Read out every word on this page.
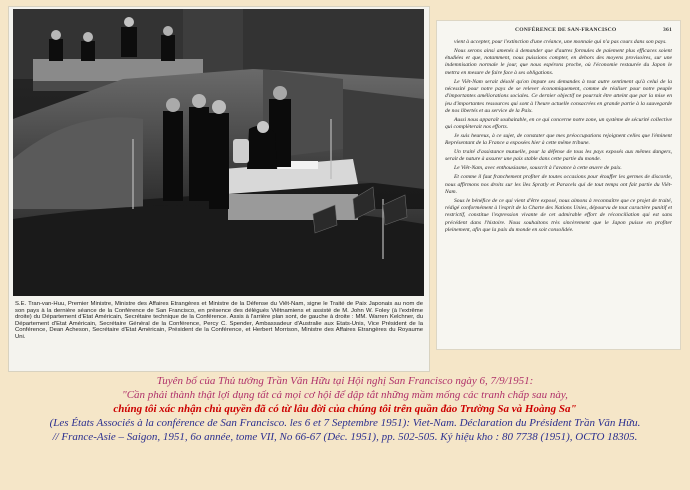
S.E. Tran-van-Huu, Premier Ministre, Ministre des Affaires Etrangères et Ministre de la Défense du Viêt-Nam, signe le Traité de Paix Japonais au nom de son pays à la dernière séance de la Conférence de San Francisco, en présence des délégués Viêtnamiens et assisté de M. John W. Foley (à l'extrême droite) du Département d'Etat Américain, Secrétaire technique de la Conférence. Assis à l'arrière plan sont, de gauche à droite : MM. Warren Kelchner, du Département d'Etat Américain, Secrétaire Général de la Conférence, Percy C. Spender, Ambassadeur d'Australie aux Etats-Unis, Vice Président de la Conférence, Dean Acheson, Secrétaire d'Etat Américain, Président de la Conférence, et Herbert Morrison, Ministre des Affaires Etrangères du Royaume Uni.
CONFÉRENCE DE SAN-FRANCISCO	361

vient à accepter, pour l'extinction d'une créance, une monnaie qui n'a pas cours dans son pays.

Nous serons ainsi amenés à demander que d'autres formules de paiement plus efficaces soient étudiées et que, notamment, nous puissions compter, en dehors des moyens provisoires, sur une indemnisation normale le jour, que nous espérons proche, où l'économie restaurée du Japon le mettra en mesure de faire face à ses obligations.

Le Viêt-Nam serait désolé qu'on impute ses demandes à tout autre sentiment qu'à celui de la nécessité pour notre pays de se relever économiquement, comme de réaliser pour notre peuple d'importantes améliorations sociales. Ce dernier objectif ne pourrait être atteint que par la mise en jeu d'importantes ressources qui sont à l'heure actuelle consacrées en grande partie à la sauvegarde de nos libertés et au service de la Paix.

Aussi nous apparaît souhaitable, en ce qui concerne notre zone, un système de sécurité collective qui complèterait nos efforts.

Je suis heureux, à ce sujet, de constater que mes préoccupations rejoignent celles que l'éminent Représentant de la France a exposées hier à cette même tribune.

Un traité d'assistance mutuelle, pour la défense de tous les pays exposés aux mêmes dangers, serait de nature à assurer une paix stable dans cette partie du monde.

Le Viêt-Nam, avec enthousiasme, souscrit à l'avance à cette œuvre de paix.

Et comme il faut franchement profiter de toutes occasions pour étouffer les germes de discorde, nous affirmons nos droits sur les îles Spratly et Paracels qui de tout temps ont fait partie du Viêt-Nam.

Sous le bénéfice de ce qui vient d'être exposé, nous aimons à reconnaître que ce projet de traité, rédigé conformément à l'esprit de la Charte des Nations Unies, dépourvu de tout caractère punitif et restrictif, constitue l'expression vivante de cet admirable effort de réconciliation qui est sans précédent dans l'histoire. Nous souhaitons très sincèrement que le Japon puisse en profiter pleinement, afin que la paix du monde en soit consolidée.

Tuyên bố của Thủ tướng Trần Văn Hữu tại Hội nghị San Francisco ngày 6, 7/9/1951:
"Cần phải thành thật lợi dụng tất cả mọi cơ hội để dập tắt những mầm mống các tranh chấp sau này,
chúng tôi xác nhận chủ quyền đã có từ lâu đời của chúng tôi trên quần đảo Trường Sa và Hoàng Sa"
(Les États Associés à la conférence de San Francisco. les 6 et 7 Septembre 1951): Viet-Nam. Déclaration du Président Trần Văn Hữu.
// France-Asie – Saigon, 1951, 6o année, tome VII, No 66-67 (Déc. 1951), pp. 502-505. Ký hiệu kho : 80 7738 (1951), OCTO 18305.
